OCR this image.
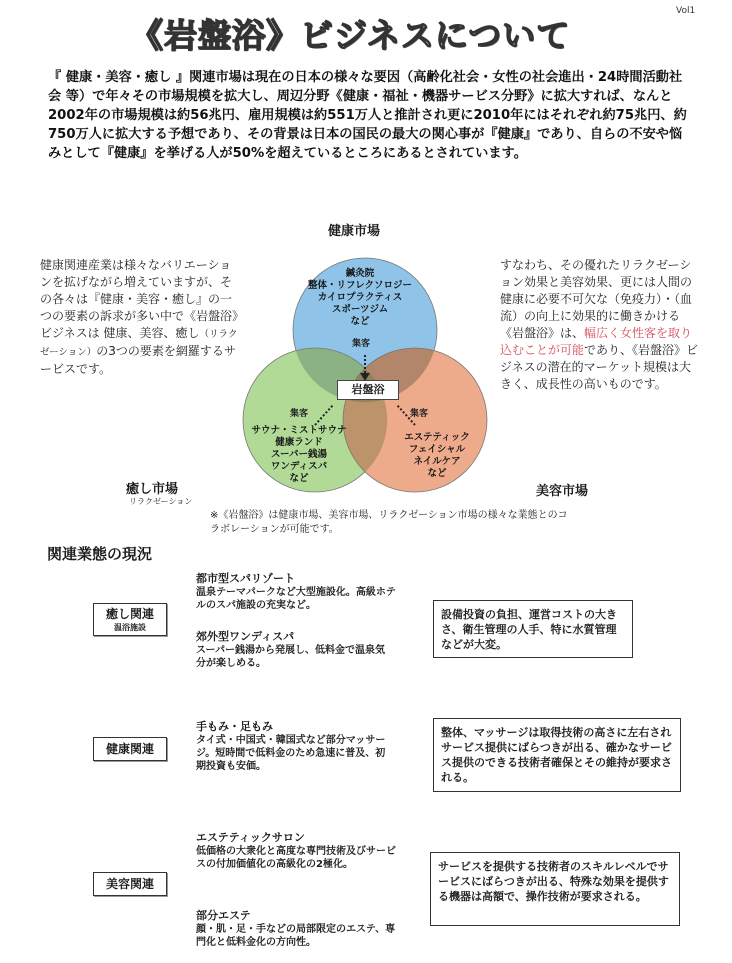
Vol1
《岩盤浴》ビジネスについて
『 健康・美容・癒し 』関連市場は現在の日本の様々な要因（高齢化社会・女性の社会進出・24時間活動社会 等）で年々その市場規模を拡大し、周辺分野《健康・福祉・機器サービス分野》に拡大すれば、なんと2002年の市場規模は約56兆円、雇用規模は約551万人と推計され更に2010年にはそれぞれ約75兆円、約750万人に拡大する予想であり、その背景は日本の国民の最大の関心事が『健康』であり、自らの不安や悩みとして『健康』を挙げる人が50%を超えているところにあるとされています。
健康市場
癒し市場
リラクゼーション
美容市場
鍼灸院
整体・リフレクソロジー
カイロプラクティス
スポーツジム
など
集客
集客	集客
岩盤浴
サウナ・ミストサウナ
健康ランド
スーパー銭湯
ワンディスパ
など
エステティック
フェイシャル
ネイルケア
など
健康関連産業は様々なバリエーションを拡げながら増えていますが、その各々は『健康・美容・癒し』の一つの要素の訴求が多い中で《岩盤浴》ビジネスは 健康、美容、癒し（リラクゼーション）の3つの要素を網羅するサービスです。
すなわち、その優れたリラクゼーション効果と美容効果、更には人間の健康に必要不可欠な（免疫力）・（血流）の向上に効果的に働きかける《岩盤浴》は、幅広く女性客を取り込むことが可能であり、《岩盤浴》ビジネスの潜在的マーケット規模は大きく、成長性の高いものです。
※《岩盤浴》は健康市場、美容市場、リラクゼーション市場の様々な業態とのコラボレーションが可能です。
関連業態の現況
癒し関連
温浴施設
都市型スパリゾート
温泉テーマパークなど大型施設化。高級ホテルのスパ施設の充実など。
郊外型ワンディスパ
スーパー銭湯から発展し、低料金で温泉気分が楽しめる。
設備投資の負担、運営コストの大きさ、衛生管理の人手、特に水質管理などが大変。
健康関連
手もみ・足もみ
タイ式・中国式・韓国式など部分マッサージ。短時間で低料金のため急速に普及、初期投資も安価。
整体、マッサージは取得技術の高さに左右されサービス提供にばらつきが出る、確かなサービス提供のできる技術者確保とその維持が要求される。
美容関連
エステティックサロン
低価格の大衆化と高度な専門技術及びサービスの付加価値化の高級化の2極化。
部分エステ
顔・肌・足・手などの局部限定のエステ、専門化と低料金化の方向性。
サービスを提供する技術者のスキルレベルでサービスにばらつきが出る、特殊な効果を提供する機器は高額で、操作技術が要求される。
